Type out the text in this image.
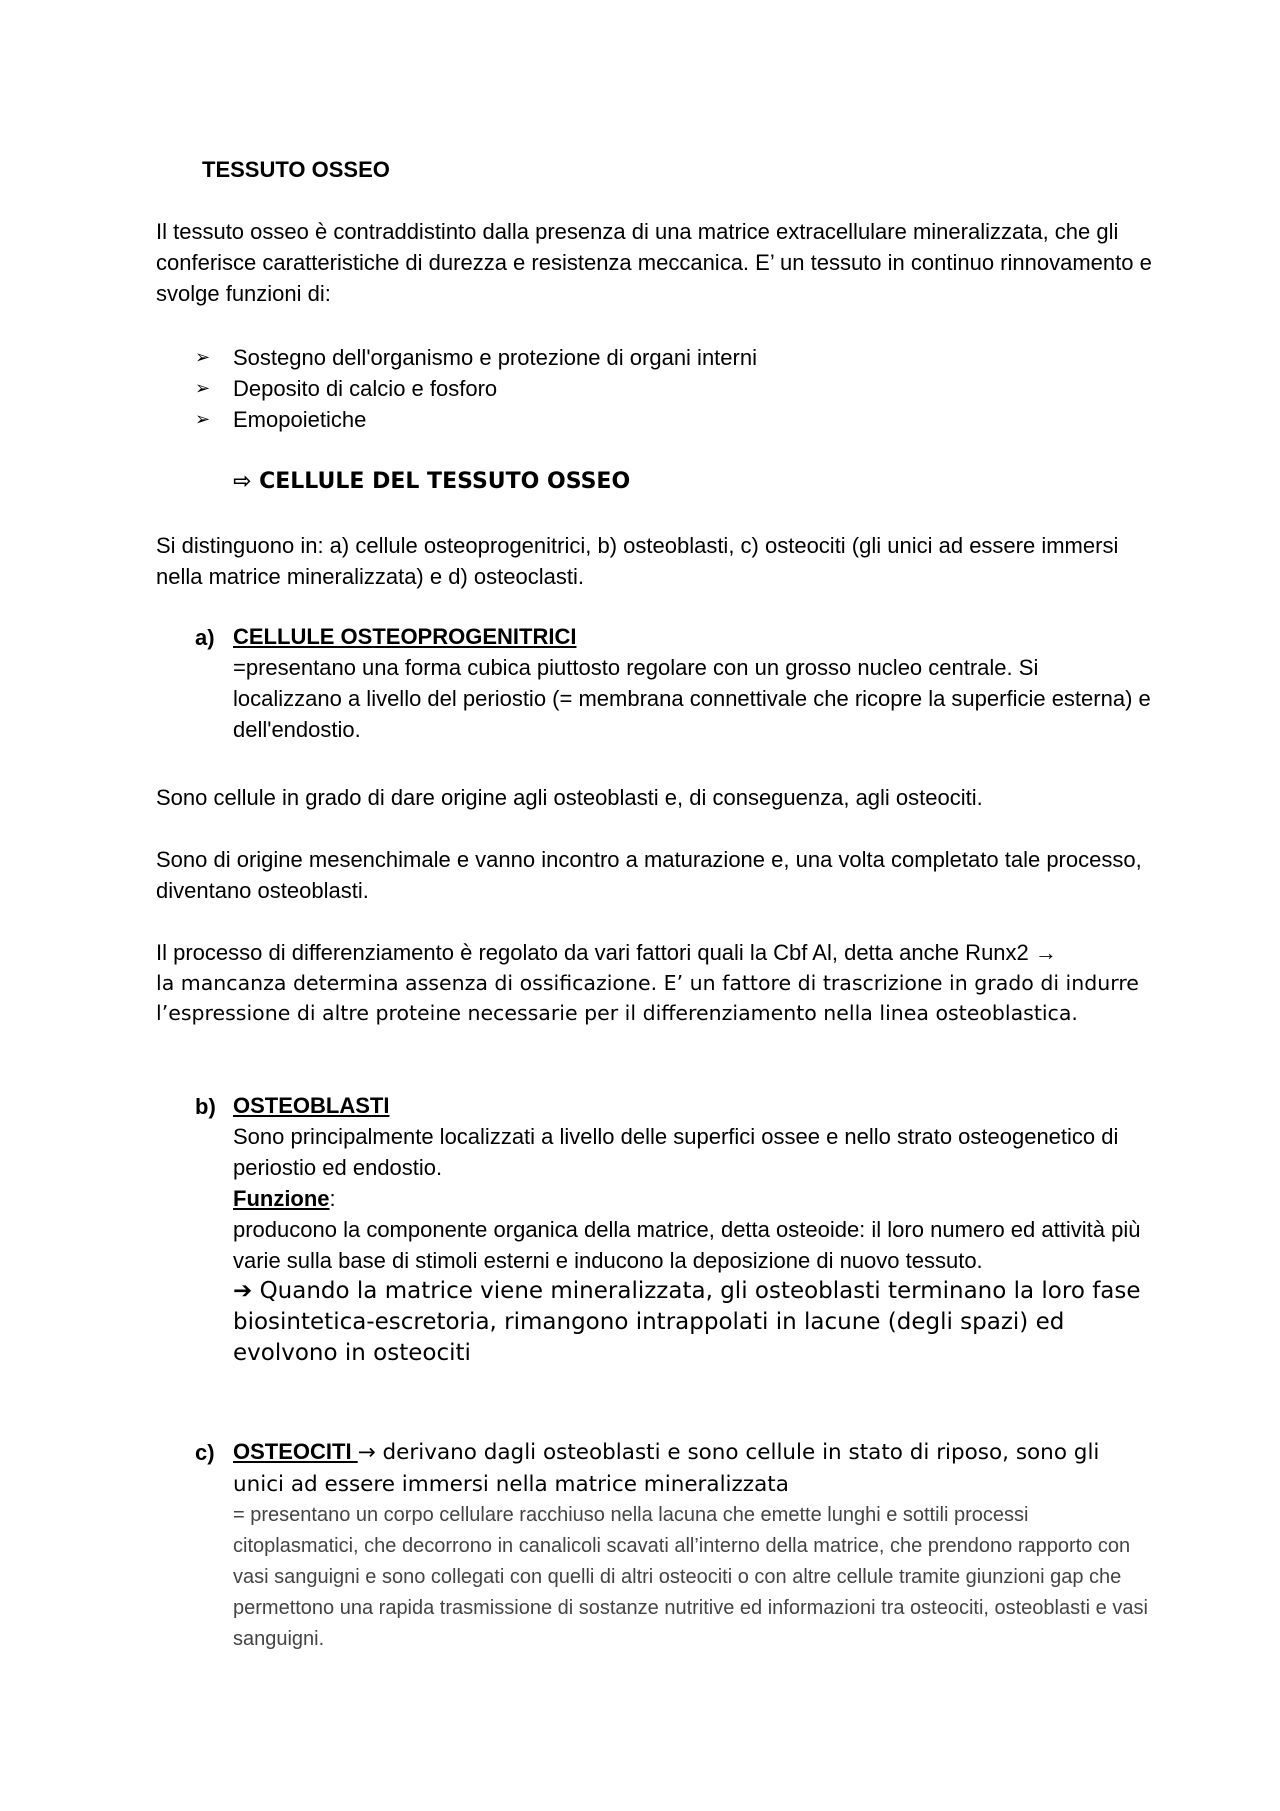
TESSUTO OSSEO

Il tessuto osseo è contraddistinto dalla presenza di una matrice extracellulare mineralizzata, che gli conferisce caratteristiche di durezza e resistenza meccanica. E’ un tessuto in continuo rinnovamento e svolge funzioni di:

➢	Sostegno dell'organismo e protezione di organi interni
➢	Deposito di calcio e fosforo
➢	Emopoietiche
⇨ CELLULE DEL TESSUTO OSSEO

Si distinguono in: a) cellule osteoprogenitrici, b) osteoblasti, c) osteociti (gli unici ad essere immersi nella matrice mineralizzata) e d) osteoclasti.

a) CELLULE OSTEOPROGENITRICI
=presentano una forma cubica piuttosto regolare con un grosso nucleo centrale. Si localizzano a livello del periostio (= membrana connettivale che ricopre la superficie esterna) e dell'endostio.

Sono cellule in grado di dare origine agli osteoblasti e, di conseguenza, agli osteociti.

Sono di origine mesenchimale e vanno incontro a maturazione e, una volta completato tale processo, diventano osteoblasti.

Il processo di differenziamento è regolato da vari fattori quali la Cbf Al, detta anche Runx2 →
la mancanza determina assenza di ossificazione. E’ un fattore di trascrizione in grado di indurre l’espressione di altre proteine necessarie per il differenziamento nella linea osteoblastica.
b) OSTEOBLASTI
Sono principalmente localizzati a livello delle superfici ossee e nello strato osteogenetico di periostio ed endostio.
Funzione:
producono la componente organica della matrice, detta osteoide: il loro numero ed attività più varie sulla base di stimoli esterni e inducono la deposizione di nuovo tessuto.
➔ Quando la matrice viene mineralizzata, gli osteoblasti terminano la loro fase biosintetica-escretoria, rimangono intrappolati in lacune (degli spazi) ed evolvono in osteociti
c) OSTEOCITI → derivano dagli osteoblasti e sono cellule in stato di riposo, sono gli unici ad essere immersi nella matrice mineralizzata
= presentano un corpo cellulare racchiuso nella lacuna che emette lunghi e sottili processi citoplasmatici, che decorrono in canalicoli scavati all’interno della matrice, che prendono rapporto con vasi sanguigni e sono collegati con quelli di altri osteociti o con altre cellule tramite giunzioni gap che permettono una rapida trasmissione di sostanze nutritive ed informazioni tra osteociti, osteoblasti e vasi sanguigni.
